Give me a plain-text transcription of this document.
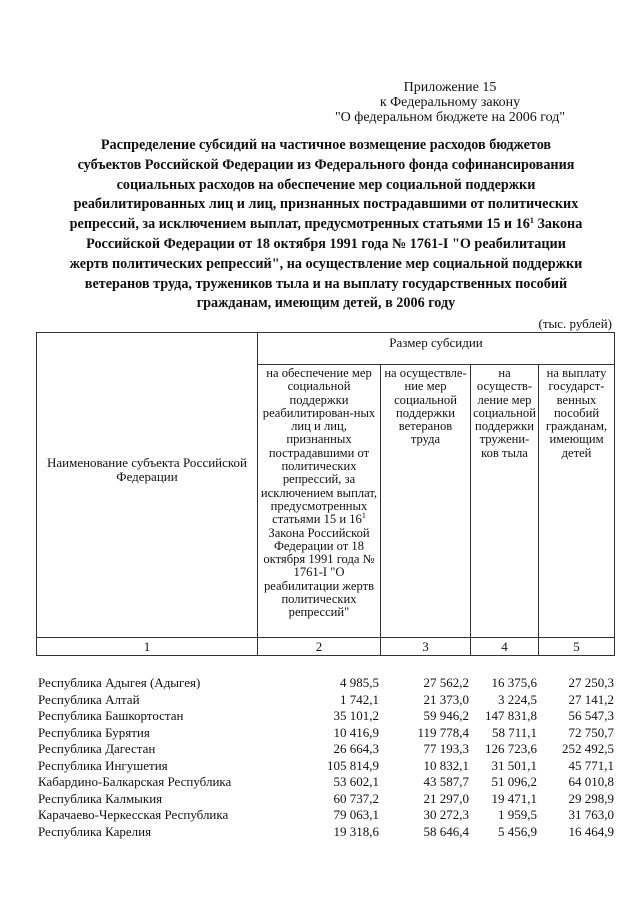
Приложение 15
к Федеральному закону
"О федеральном бюджете на 2006 год"
Распределение субсидий на частичное возмещение расходов бюджетов
субъектов Российской Федерации из Федерального фонда софинансирования
социальных расходов на обеспечение мер социальной поддержки
реабилитированных лиц и лиц, признанных пострадавшими от политических
репрессий, за исключением выплат, предусмотренных статьями 15 и $16^1$ Закона
Российской Федерации от 18 октября 1991 года № 1761-I "О реабилитации
жертв политических репрессий", на осуществление мер социальной поддержки
ветеранов труда, тружеников тыла и на выплату государственных пособий
гражданам, имеющим детей, в 2006 году
(тыс. рублей)
Наименование субъекта Российской Федерации	Размер субсидии			
	на обеспечение мер социальной поддержки реабилитирован-ных лиц и лиц, признанных пострадавшими от политических репрессий, за исключением выплат, предусмотренных статьями 15 и $16^1$ Закона Российской Федерации от 18 октября 1991 года № 1761-I "О реабилитации жертв политических репрессий"	на осуществле-ние мер социальной поддержки ветеранов труда	на осуществ-ление мер социальной поддержки тружени-ков тыла	на выплату государст-венных пособий гражданам, имеющим детей
1	2	3	4	5
Республика Адыгея (Адыгея)	4 985,5	27 562,2	16 375,6	27 250,3
Республика Алтай	1 742,1	21 373,0	3 224,5	27 141,2
Республика Башкортостан	35 101,2	59 946,2	147 831,8	56 547,3
Республика Бурятия	10 416,9	119 778,4	58 711,1	72 750,7
Республика Дагестан	26 664,3	77 193,3	126 723,6	252 492,5
Республика Ингушетия	105 814,9	10 832,1	31 501,1	45 771,1
Кабардино-Балкарская Республика	53 602,1	43 587,7	51 096,2	64 010,8
Республика Калмыкия	60 737,2	21 297,0	19 471,1	29 298,9
Карачаево-Черкесская Республика	79 063,1	30 272,3	1 959,5	31 763,0
Республика Карелия	19 318,6	58 646,4	5 456,9	16 464,9
